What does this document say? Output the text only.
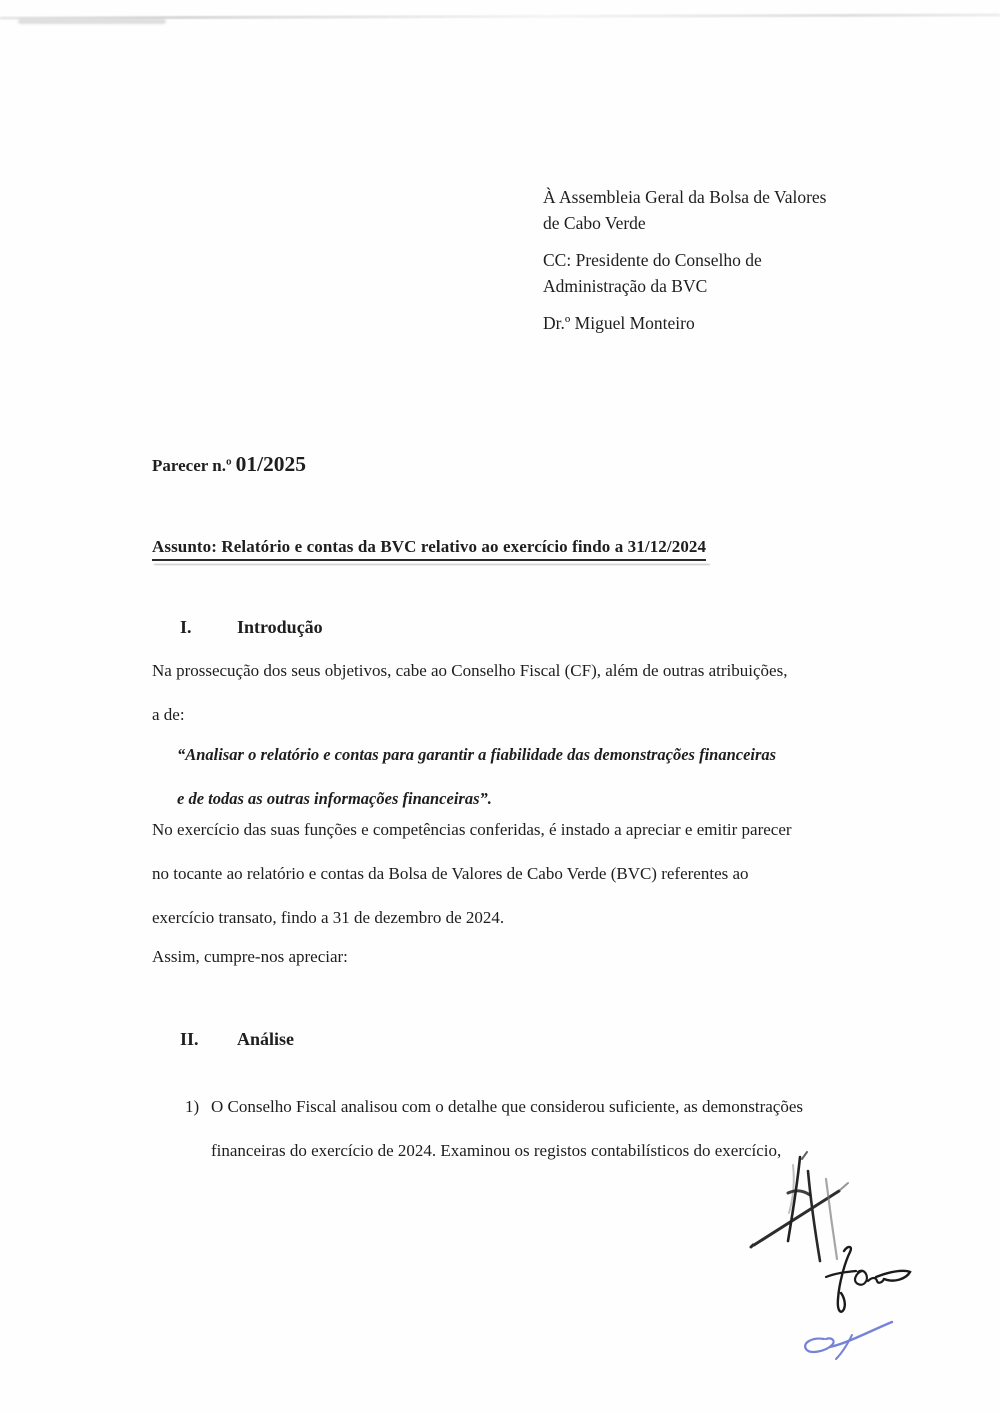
À Assembleia Geral da Bolsa de Valores
de Cabo Verde
CC: Presidente do Conselho de
Administração da BVC
Dr.º Miguel Monteiro
Parecer n.º 01/2025
Assunto: Relatório e contas da BVC relativo ao exercício findo a 31/12/2024
I.	Introdução
Na prossecução dos seus objetivos, cabe ao Conselho Fiscal (CF), além de outras atribuições,
a de:
“Analisar o relatório e contas para garantir a fiabilidade das demonstrações financeiras
e de todas as outras informações financeiras”.
No exercício das suas funções e competências conferidas, é instado a apreciar e emitir parecer
no tocante ao relatório e contas da Bolsa de Valores de Cabo Verde (BVC) referentes ao
exercício transato, findo a 31 de dezembro de 2024.
Assim, cumpre-nos apreciar:
II. Análise
1) O Conselho Fiscal analisou com o detalhe que considerou suficiente, as demonstrações
financeiras do exercício de 2024. Examinou os registos contabilísticos do exercício,
